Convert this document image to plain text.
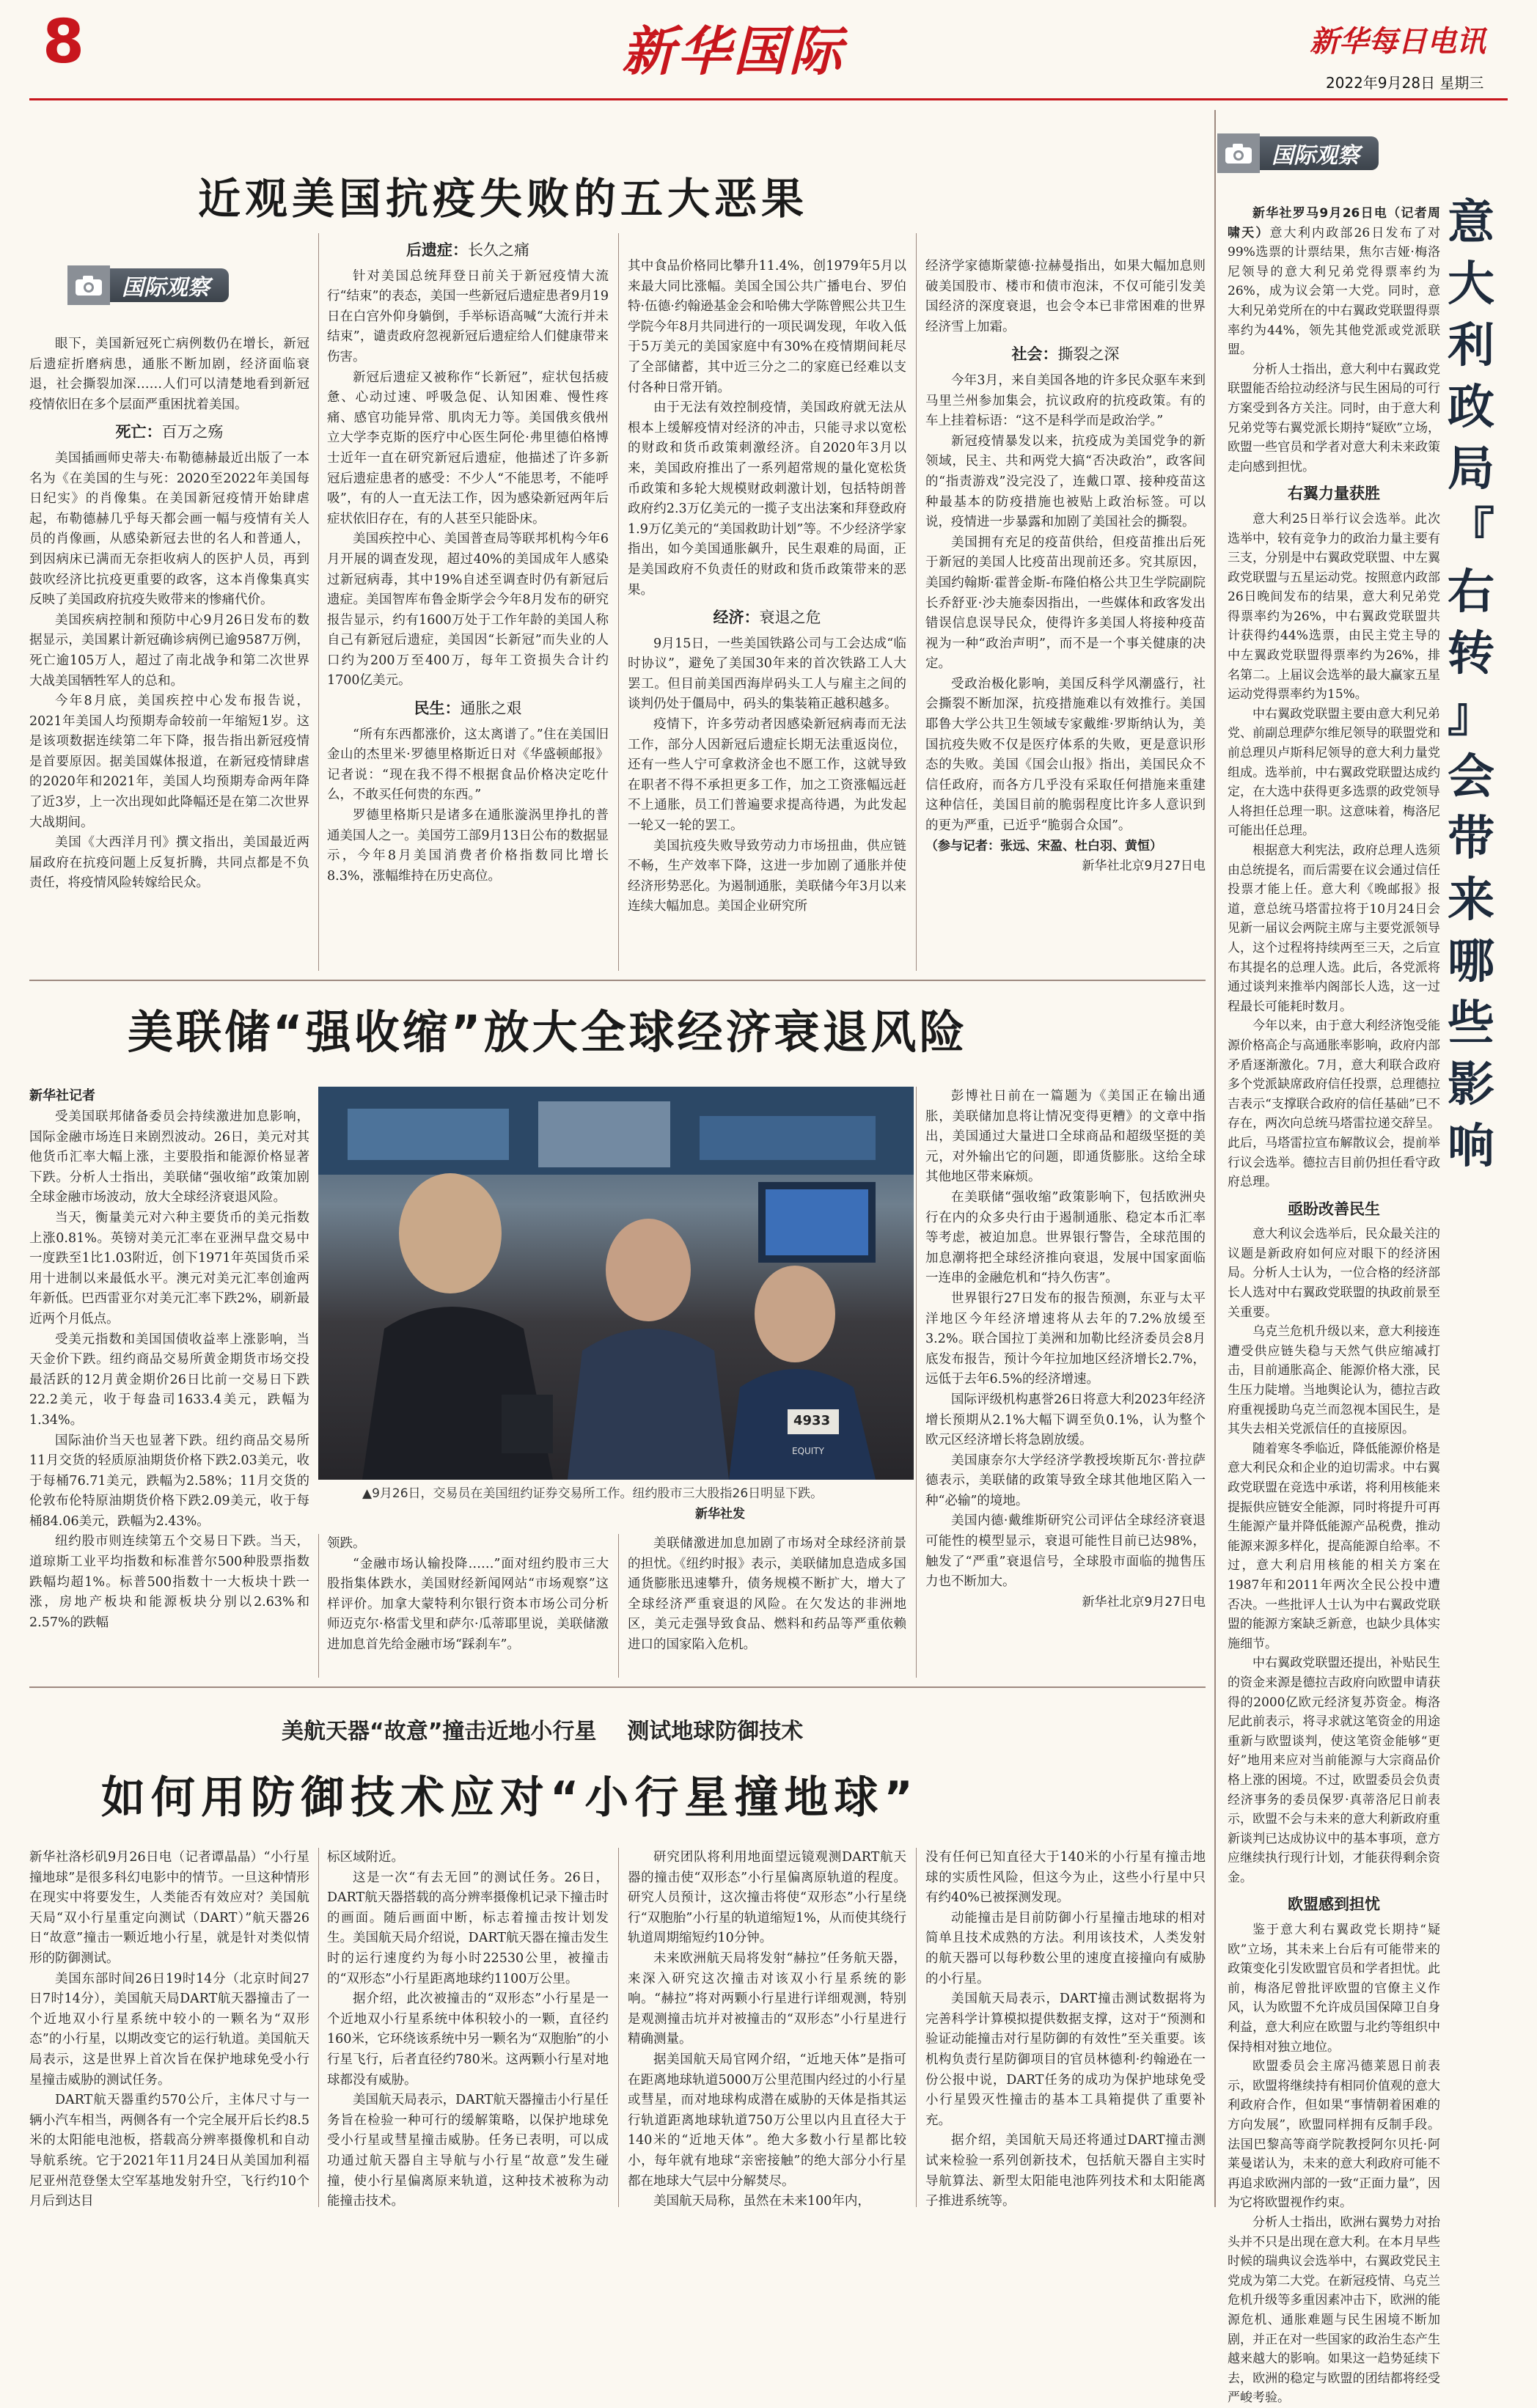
8	新华国际	新华每日电讯
2022年9月28日 星期三
近观美国抗疫失败的五大恶果
国际观察

眼下，美国新冠死亡病例数仍在增长，新冠后遗症折磨病患，通胀不断加剧，经济面临衰退，社会撕裂加深……人们可以清楚地看到新冠疫情依旧在多个层面严重困扰着美国。

死亡：百万之殇

美国插画师史蒂夫·布勒德赫最近出版了一本名为《在美国的生与死：2020至2022年美国每日纪实》的肖像集。在美国新冠疫情开始肆虐起，布勒德赫几乎每天都会画一幅与疫情有关人员的肖像画，从感染新冠去世的名人和普通人，到因病床已满而无奈拒收病人的医护人员，再到鼓吹经济比抗疫更重要的政客，这本肖像集真实反映了美国政府抗疫失败带来的惨痛代价。

美国疾病控制和预防中心9月26日发布的数据显示，美国累计新冠确诊病例已逾9587万例，死亡逾105万人，超过了南北战争和第二次世界大战美国牺牲军人的总和。

今年8月底，美国疾控中心发布报告说，2021年美国人均预期寿命较前一年缩短1岁。这是该项数据连续第二年下降，报告指出新冠疫情是首要原因。据美国媒体报道，在新冠疫情肆虐的2020年和2021年，美国人均预期寿命两年降了近3岁，上一次出现如此降幅还是在第二次世界大战期间。

美国《大西洋月刊》撰文指出，美国最近两届政府在抗疫问题上反复折腾，共同点都是不负责任，将疫情风险转嫁给民众。

后遗症：长久之痛

针对美国总统拜登日前关于新冠疫情大流行“结束”的表态，美国一些新冠后遗症患者9月19日在白宫外仰身躺倒，手举标语高喊“大流行并未结束”，谴责政府忽视新冠后遗症给人们健康带来伤害。

新冠后遗症又被称作“长新冠”，症状包括疲惫、心动过速、呼吸急促、认知困难、慢性疼痛、感官功能异常、肌肉无力等。美国俄亥俄州立大学李克斯的医疗中心医生阿伦·弗里德伯格博士近年一直在研究新冠后遗症，他描述了许多新冠后遗症患者的感受：不少人“不能思考，不能呼吸”，有的人一直无法工作，因为感染新冠两年后症状依旧存在，有的人甚至只能卧床。

美国疾控中心、美国普查局等联邦机构今年6月开展的调查发现，超过40%的美国成年人感染过新冠病毒，其中19%自述至调查时仍有新冠后遗症。美国智库布鲁金斯学会今年8月发布的研究报告显示，约有1600万处于工作年龄的美国人称自己有新冠后遗症，美国因“长新冠”而失业的人口约为200万至400万，每年工资损失合计约1700亿美元。

民生：通胀之艰

“所有东西都涨价，这太离谱了。”住在美国旧金山的杰里米·罗德里格斯近日对《华盛顿邮报》记者说：“现在我不得不根据食品价格决定吃什么，不敢买任何贵的东西。”

罗德里格斯只是诸多在通胀漩涡里挣扎的普通美国人之一。美国劳工部9月13日公布的数据显示，今年8月美国消费者价格指数同比增长8.3%，涨幅维持在历史高位。

其中食品价格同比攀升11.4%，创1979年5月以来最大同比涨幅。美国全国公共广播电台、罗伯特·伍德·约翰逊基金会和哈佛大学陈曾熙公共卫生学院今年8月共同进行的一项民调发现，年收入低于5万美元的美国家庭中有30%在疫情期间耗尽了全部储蓄，其中近三分之二的家庭已经难以支付各种日常开销。

由于无法有效控制疫情，美国政府就无法从根本上缓解疫情对经济的冲击，只能寻求以宽松的财政和货币政策刺激经济。自2020年3月以来，美国政府推出了一系列超常规的量化宽松货币政策和多轮大规模财政刺激计划，包括特朗普政府约2.3万亿美元的一揽子支出法案和拜登政府1.9万亿美元的“美国救助计划”等。不少经济学家指出，如今美国通胀飙升，民生艰难的局面，正是美国政府不负责任的财政和货币政策带来的恶果。

经济：衰退之危

9月15日，一些美国铁路公司与工会达成“临时协议”，避免了美国30年来的首次铁路工人大罢工。但目前美国西海岸码头工人与雇主之间的谈判仍处于僵局中，码头的集装箱正越积越多。

疫情下，许多劳动者因感染新冠病毒而无法工作，部分人因新冠后遗症长期无法重返岗位，还有一些人宁可拿救济金也不愿工作，这就导致在职者不得不承担更多工作，加之工资涨幅远赶不上通胀，员工们普遍要求提高待遇，为此发起一轮又一轮的罢工。

美国抗疫失败导致劳动力市场扭曲，供应链不畅，生产效率下降，这进一步加剧了通胀并使经济形势恶化。为遏制通胀，美联储今年3月以来连续大幅加息。美国企业研究所

经济学家德斯蒙德·拉赫曼指出，如果大幅加息则破美国股市、楼市和债市泡沫，不仅可能引发美国经济的深度衰退，也会令本已非常困难的世界经济雪上加霜。

社会：撕裂之深

今年3月，来自美国各地的许多民众驱车来到马里兰州参加集会，抗议政府的抗疫政策。有的车上挂着标语：“这不是科学而是政治学。”

新冠疫情暴发以来，抗疫成为美国党争的新领域，民主、共和两党大搞“否决政治”，政客间的“指责游戏”没完没了，连戴口罩、接种疫苗这种最基本的防疫措施也被贴上政治标签。可以说，疫情进一步暴露和加剧了美国社会的撕裂。

美国拥有充足的疫苗供给，但疫苗推出后死于新冠的美国人比疫苗出现前还多。究其原因，美国约翰斯·霍普金斯-布隆伯格公共卫生学院副院长乔舒亚·沙夫施泰因指出，一些媒体和政客发出错误信息误导民众，使得许多美国人将接种疫苗视为一种“政治声明”，而不是一个事关健康的决定。

受政治极化影响，美国反科学风潮盛行，社会撕裂不断加深，抗疫措施难以有效推行。美国耶鲁大学公共卫生领域专家戴维·罗斯纳认为，美国抗疫失败不仅是医疗体系的失败，更是意识形态的失败。美国《国会山报》指出，美国民众不信任政府，而各方几乎没有采取任何措施来重建这种信任，美国目前的脆弱程度比许多人意识到的更为严重，已近乎“脆弱合众国”。

（参与记者：张远、宋盈、杜白羽、黄恒）

新华社北京9月27日电

美联储“强收缩”放大全球经济衰退风险
新华社记者

受美国联邦储备委员会持续激进加息影响，国际金融市场连日来剧烈波动。26日，美元对其他货币汇率大幅上涨，主要股指和能源价格显著下跌。分析人士指出，美联储“强收缩”政策加剧全球金融市场波动，放大全球经济衰退风险。

当天，衡量美元对六种主要货币的美元指数上涨0.81%。英镑对美元汇率在亚洲早盘交易中一度跌至1比1.03附近，创下1971年英国货币采用十进制以来最低水平。澳元对美元汇率创逾两年新低。巴西雷亚尔对美元汇率下跌2%，刷新最近两个月低点。

受美元指数和美国国债收益率上涨影响，当天金价下跌。纽约商品交易所黄金期货市场交投最活跃的12月黄金期价26日比前一交易日下跌22.2美元，收于每盎司1633.4美元，跌幅为1.34%。

国际油价当天也显著下跌。纽约商品交易所11月交货的轻质原油期货价格下跌2.03美元，收于每桶76.71美元，跌幅为2.58%；11月交货的伦敦布伦特原油期货价格下跌2.09美元，收于每桶84.06美元，跌幅为2.43%。

纽约股市则连续第五个交易日下跌。当天，道琼斯工业平均指数和标准普尔500种股票指数跌幅均超1%。标普500指数十一大板块十跌一涨，房地产板块和能源板块分别以2.63%和2.57%的跌幅

4933
EQUITY
▲9月26日，交易员在美国纽约证券交易所工作。纽约股市三大股指26日明显下跌。
新华社发

领跌。

“金融市场认输投降……”面对纽约股市三大股指集体跌水，美国财经新闻网站“市场观察”这样评价。加拿大蒙特利尔银行资本市场公司分析师迈克尔·格雷戈里和萨尔·瓜蒂耶里说，美联储激进加息首先给金融市场“踩刹车”。

美联储激进加息加剧了市场对全球经济前景的担忧。《纽约时报》表示，美联储加息造成多国通货膨胀迅速攀升，债务规模不断扩大，增大了全球经济严重衰退的风险。在欠发达的非洲地区，美元走强导致食品、燃料和药品等严重依赖进口的国家陷入危机。

彭博社日前在一篇题为《美国正在输出通胀，美联储加息将让情况变得更糟》的文章中指出，美国通过大量进口全球商品和超级坚挺的美元，对外输出它的问题，即通货膨胀。这给全球其他地区带来麻烦。

在美联储“强收缩”政策影响下，包括欧洲央行在内的众多央行由于遏制通胀、稳定本币汇率等考虑，被迫加息。世界银行警告，全球范围的加息潮将把全球经济推向衰退，发展中国家面临一连串的金融危机和“持久伤害”。

世界银行27日发布的报告预测，东亚与太平洋地区今年经济增速将从去年的7.2%放缓至3.2%。联合国拉丁美洲和加勒比经济委员会8月底发布报告，预计今年拉加地区经济增长2.7%，远低于去年6.5%的经济增速。

国际评级机构惠誉26日将意大利2023年经济增长预期从2.1%大幅下调至负0.1%，认为整个欧元区经济增长将急剧放缓。

美国康奈尔大学经济学教授埃斯瓦尔·普拉萨德表示，美联储的政策导致全球其他地区陷入一种“必输”的境地。

美国内德·戴维斯研究公司评估全球经济衰退可能性的模型显示，衰退可能性目前已达98%，触发了“严重”衰退信号，全球股市面临的抛售压力也不断加大。

新华社北京9月27日电

美航天器“故意”撞击近地小行星    测试地球防御技术
如何用防御技术应对“小行星撞地球”

新华社洛杉矶9月26日电（记者谭晶晶）“小行星撞地球”是很多科幻电影中的情节。一旦这种情形在现实中将要发生，人类能否有效应对？美国航天局“双小行星重定向测试（DART）”航天器26日“故意”撞击一颗近地小行星，就是针对类似情形的防御测试。

美国东部时间26日19时14分（北京时间27日7时14分），美国航天局DART航天器撞击了一个近地双小行星系统中较小的一颗名为“双形态”的小行星，以期改变它的运行轨道。美国航天局表示，这是世界上首次旨在保护地球免受小行星撞击威胁的测试任务。

DART航天器重约570公斤，主体尺寸与一辆小汽车相当，两侧各有一个完全展开后长约8.5米的太阳能电池板，搭载高分辨率摄像机和自动导航系统。它于2021年11月24日从美国加利福尼亚州范登堡太空军基地发射升空，飞行约10个月后到达目

标区域附近。

这是一次“有去无回”的测试任务。26日，DART航天器搭载的高分辨率摄像机记录下撞击时的画面。随后画面中断，标志着撞击按计划发生。美国航天局介绍说，DART航天器在撞击发生时的运行速度约为每小时22530公里，被撞击的“双形态”小行星距离地球约1100万公里。

据介绍，此次被撞击的“双形态”小行星是一个近地双小行星系统中体积较小的一颗，直径约160米，它环绕该系统中另一颗名为“双胞胎”的小行星飞行，后者直径约780米。这两颗小行星对地球都没有威胁。

美国航天局表示，DART航天器撞击小行星任务旨在检验一种可行的缓解策略，以保护地球免受小行星或彗星撞击威胁。任务已表明，可以成功通过航天器自主导航与小行星“故意”发生碰撞，使小行星偏离原来轨道，这种技术被称为动能撞击技术。

研究团队将利用地面望远镜观测DART航天器的撞击使“双形态”小行星偏离原轨道的程度。研究人员预计，这次撞击将使“双形态”小行星绕行“双胞胎”小行星的轨道缩短1%，从而使其绕行轨道周期缩短约10分钟。

未来欧洲航天局将发射“赫拉”任务航天器，来深入研究这次撞击对该双小行星系统的影响。“赫拉”将对两颗小行星进行详细观测，特别是观测撞击坑并对被撞击的“双形态”小行星进行精确测量。

据美国航天局官网介绍，“近地天体”是指可在距离地球轨道5000万公里范围内经过的小行星或彗星，而对地球构成潜在威胁的天体是指其运行轨道距离地球轨道750万公里以内且直径大于140米的“近地天体”。绝大多数小行星都比较小，每年就有地球“亲密接触”的绝大部分小行星都在地球大气层中分解焚尽。

美国航天局称，虽然在未来100年内，

没有任何已知直径大于140米的小行星有撞击地球的实质性风险，但这今为止，这些小行星中只有约40%已被探测发现。

动能撞击是目前防御小行星撞击地球的相对简单且技术成熟的方法。利用该技术，人类发射的航天器可以每秒数公里的速度直接撞向有威胁的小行星。

美国航天局表示，DART撞击测试数据将为完善科学计算模拟提供数据支撑，这对于“预测和验证动能撞击对行星防御的有效性”至关重要。该机构负责行星防御项目的官员林德利·约翰逊在一份公报中说，DART任务的成功为保护地球免受小行星毁灭性撞击的基本工具箱提供了重要补充。

据介绍，美国航天局还将通过DART撞击测试来检验一系列创新技术，包括航天器自主实时导航算法、新型太阳能电池阵列技术和太阳能离子推进系统等。

国际观察
意
大
利
政
局
『
右
转
』
会
带
来
哪
些
影
响

新华社罗马9月26日电（记者周啸天）意大利内政部26日发布了对99%选票的计票结果，焦尔吉娅·梅洛尼领导的意大利兄弟党得票率约为26%，成为议会第一大党。同时，意大利兄弟党所在的中右翼政党联盟得票率约为44%，领先其他党派或党派联盟。

分析人士指出，意大利中右翼政党联盟能否给拉动经济与民生困局的可行方案受到各方关注。同时，由于意大利兄弟党等右翼党派长期持“疑欧”立场，欧盟一些官员和学者对意大利未来政策走向感到担忧。

右翼力量获胜

意大利25日举行议会选举。此次选举中，较有竞争力的政治力量主要有三支，分别是中右翼政党联盟、中左翼政党联盟与五星运动党。按照意内政部26日晚间发布的结果，意大利兄弟党得票率约为26%，中右翼政党联盟共计获得约44%选票，由民主党主导的中左翼政党联盟得票率约为26%，排名第二。上届议会选举的最大赢家五星运动党得票率约为15%。

中右翼政党联盟主要由意大利兄弟党、前副总理萨尔维尼领导的联盟党和前总理贝卢斯科尼领导的意大利力量党组成。选举前，中右翼政党联盟达成约定，在大选中获得更多选票的政党领导人将担任总理一职。这意味着，梅洛尼可能出任总理。

根据意大利宪法，政府总理人选须由总统提名，而后需要在议会通过信任投票才能上任。意大利《晚邮报》报道，意总统马塔雷拉将于10月24日会见新一届议会两院主席与主要党派领导人，这个过程将持续两至三天，之后宣布其提名的总理人选。此后，各党派将通过谈判来推举内阁部长人选，这一过程最长可能耗时数月。

今年以来，由于意大利经济饱受能源价格高企与高通胀率影响，政府内部矛盾逐渐激化。7月，意大利联合政府多个党派缺席政府信任投票，总理德拉吉表示“支撑联合政府的信任基础”已不存在，两次向总统马塔雷拉递交辞呈。此后，马塔雷拉宣布解散议会，提前举行议会选举。德拉吉目前仍担任看守政府总理。

亟盼改善民生

意大利议会选举后，民众最关注的议题是新政府如何应对眼下的经济困局。分析人士认为，一位合格的经济部长人选对中右翼政党联盟的执政前景至关重要。

乌克兰危机升级以来，意大利接连遭受供应链失稳与天然气供应缩减打击，目前通胀高企、能源价格大涨，民生压力陡增。当地舆论认为，德拉吉政府重视援助乌克兰而忽视本国民生，是其失去相关党派信任的直接原因。

随着寒冬季临近，降低能源价格是意大利民众和企业的迫切需求。中右翼政党联盟在竞选中承诺，将利用核能来提振供应链安全能源，同时将提升可再生能源产量并降低能源产品税费，推动能源来源多样化，提高能源自给率。不过，意大利启用核能的相关方案在1987年和2011年两次全民公投中遭否决。一些批评人士认为中右翼政党联盟的能源方案缺乏新意，也缺少具体实施细节。

中右翼政党联盟还提出，补贴民生的资金来源是德拉吉政府向欧盟申请获得的2000亿欧元经济复苏资金。梅洛尼此前表示，将寻求就这笔资金的用途重新与欧盟谈判，使这笔资金能够“更好”地用来应对当前能源与大宗商品价格上涨的困境。不过，欧盟委员会负责经济事务的委员保罗·真蒂洛尼日前表示，欧盟不会与未来的意大利新政府重新谈判已达成协议中的基本事项，意方应继续执行现行计划，才能获得剩余资金。

欧盟感到担忧

鉴于意大利右翼政党长期持“疑欧”立场，其未来上台后有可能带来的政策变化引发欧盟官员和学者担忧。此前，梅洛尼曾批评欧盟的官僚主义作风，认为欧盟不允许成员国保障卫自身利益，意大利应在欧盟与北约等组织中保持相对独立地位。

欧盟委员会主席冯德莱恩日前表示，欧盟将继续持有相同价值观的意大利政府合作，但如果“事情朝着困难的方向发展”，欧盟同样拥有反制手段。法国巴黎高等商学院教授阿尔贝托·阿莱曼诺认为，未来的意大利政府可能不再追求欧洲内部的一致“正面力量”，因为它将欧盟视作约束。

分析人士指出，欧洲右翼势力对抬头并不只是出现在意大利。在本月早些时候的瑞典议会选举中，右翼政党民主党成为第二大党。在新冠疫情、乌克兰危机升级等多重因素冲击下，欧洲的能源危机、通胀难题与民生困境不断加剧，并正在对一些国家的政治生态产生越来越大的影响。如果这一趋势延续下去，欧洲的稳定与欧盟的团结都将经受严峻考验。
